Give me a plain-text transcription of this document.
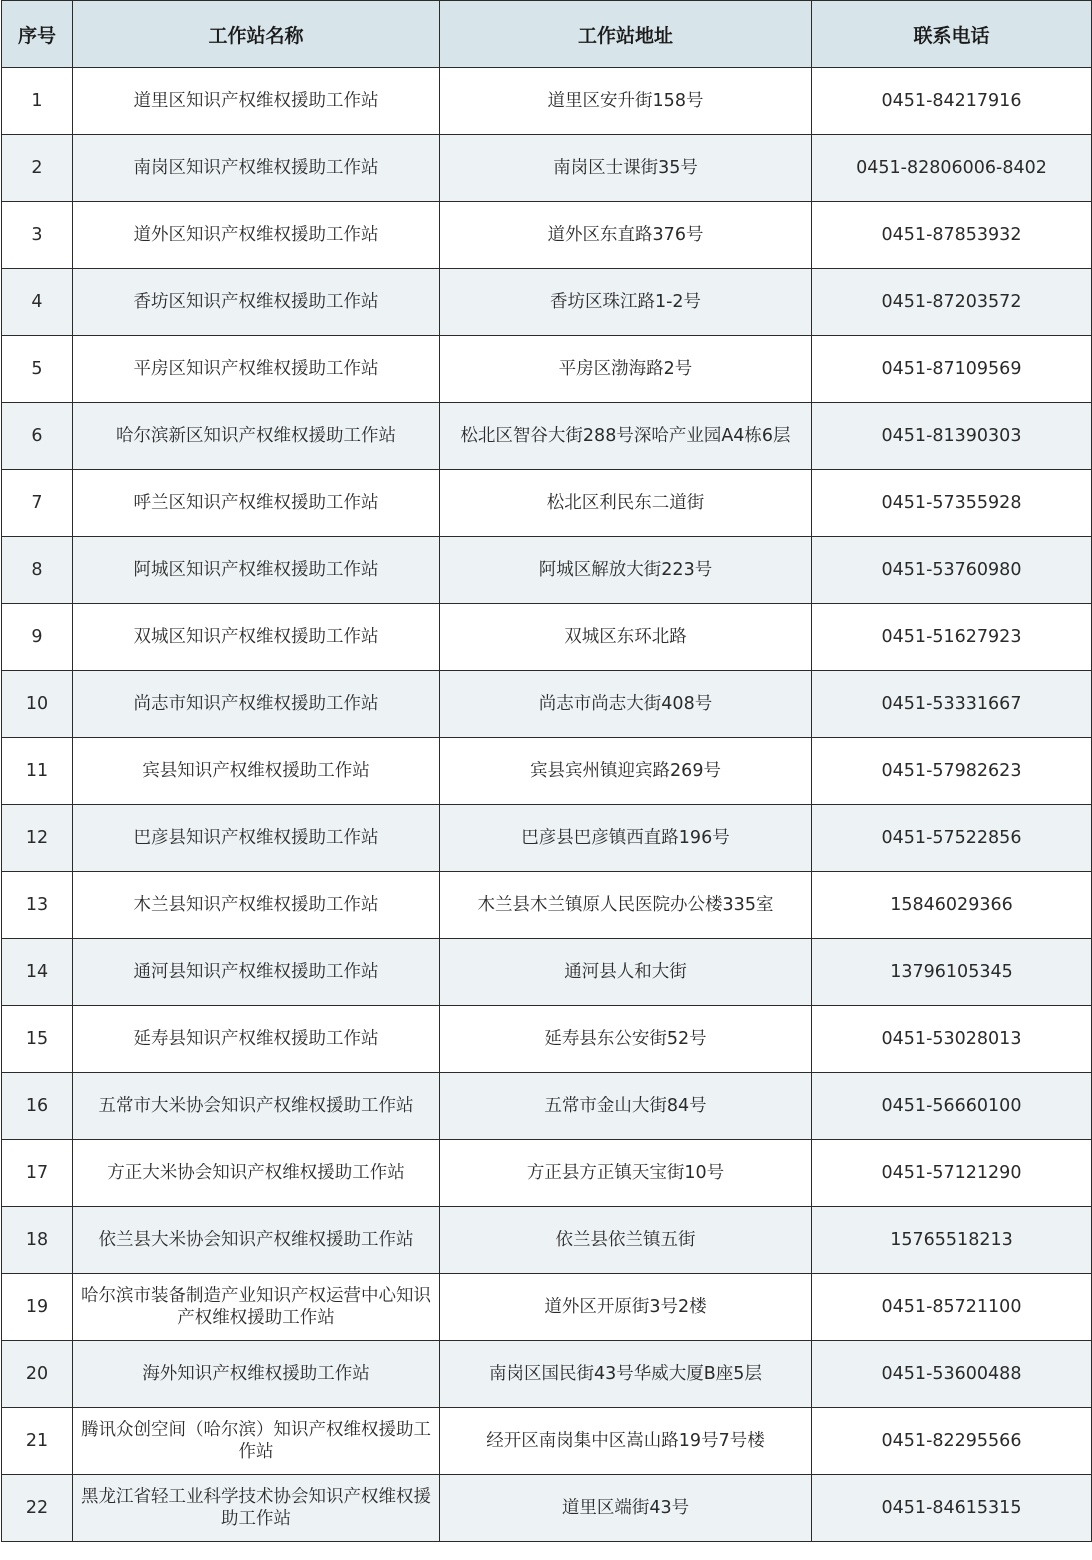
序号	工作站名称	工作站地址	联系电话
1	道里区知识产权维权援助工作站	道里区安升街158号	0451-84217916
2	南岗区知识产权维权援助工作站	南岗区士课街35号	0451-82806006-8402
3	道外区知识产权维权援助工作站	道外区东直路376号	0451-87853932
4	香坊区知识产权维权援助工作站	香坊区珠江路1-2号	0451-87203572
5	平房区知识产权维权援助工作站	平房区渤海路2号	0451-87109569
6	哈尔滨新区知识产权维权援助工作站	松北区智谷大街288号深哈产业园A4栋6层	0451-81390303
7	呼兰区知识产权维权援助工作站	松北区利民东二道街	0451-57355928
8	阿城区知识产权维权援助工作站	阿城区解放大街223号	0451-53760980
9	双城区知识产权维权援助工作站	双城区东环北路	0451-51627923
10	尚志市知识产权维权援助工作站	尚志市尚志大街408号	0451-53331667
11	宾县知识产权维权援助工作站	宾县宾州镇迎宾路269号	0451-57982623
12	巴彦县知识产权维权援助工作站	巴彦县巴彦镇西直路196号	0451-57522856
13	木兰县知识产权维权援助工作站	木兰县木兰镇原人民医院办公楼335室	15846029366
14	通河县知识产权维权援助工作站	通河县人和大街	13796105345
15	延寿县知识产权维权援助工作站	延寿县东公安街52号	0451-53028013
16	五常市大米协会知识产权维权援助工作站	五常市金山大街84号	0451-56660100
17	方正大米协会知识产权维权援助工作站	方正县方正镇天宝街10号	0451-57121290
18	依兰县大米协会知识产权维权援助工作站	依兰县依兰镇五街	15765518213
19	哈尔滨市装备制造产业知识产权运营中心知识产权维权援助工作站	道外区开原街3号2楼	0451-85721100
20	海外知识产权维权援助工作站	南岗区国民街43号华威大厦B座5层	0451-53600488
21	腾讯众创空间（哈尔滨）知识产权维权援助工作站	经开区南岗集中区嵩山路19号7号楼	0451-82295566
22	黑龙江省轻工业科学技术协会知识产权维权援助工作站	道里区端街43号	0451-84615315
